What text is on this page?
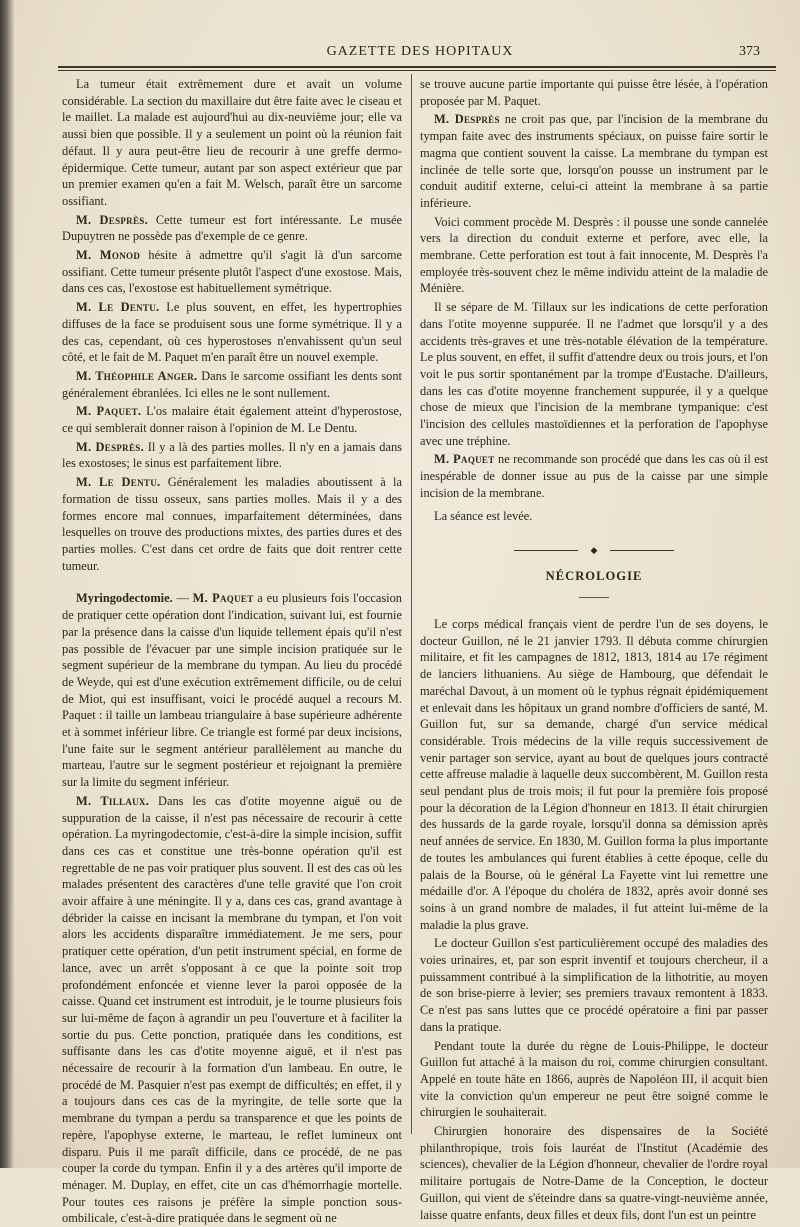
GAZETTE DES HOPITAUX	373

La tumeur était extrêmement dure et avait un volume considérable. La section du maxillaire dut être faite avec le ciseau et le maillet. La malade est aujourd'hui au dix-neuvième jour; elle va aussi bien que possible. Il y a seulement un point où la réunion fait défaut. Il y aura peut-être lieu de recourir à une greffe dermo-épidermique. Cette tumeur, autant par son aspect extérieur que par un premier examen qu'en a fait M. Welsch, paraît être un sarcome ossifiant.

M. Desprès. Cette tumeur est fort intéressante. Le musée Dupuytren ne possède pas d'exemple de ce genre.

M. Monod hésite à admettre qu'il s'agit là d'un sarcome ossifiant. Cette tumeur présente plutôt l'aspect d'une exostose. Mais, dans ces cas, l'exostose est habituellement symétrique.

M. Le Dentu. Le plus souvent, en effet, les hypertrophies diffuses de la face se produisent sous une forme symétrique. Il y a des cas, cependant, où ces hyperostoses n'envahissent qu'un seul côté, et le fait de M. Paquet m'en paraît être un nouvel exemple.

M. Théophile Anger. Dans le sarcome ossifiant les dents sont généralement ébranlées. Ici elles ne le sont nullement.

M. Paquet. L'os malaire était également atteint d'hyperostose, ce qui semblerait donner raison à l'opinion de M. Le Dentu.

M. Desprès. Il y a là des parties molles. Il n'y en a jamais dans les exostoses; le sinus est parfaitement libre.

M. Le Dentu. Généralement les maladies aboutissent à la formation de tissu osseux, sans parties molles. Mais il y a des formes encore mal connues, imparfaitement déterminées, dans lesquelles on trouve des productions mixtes, des parties dures et des parties molles. C'est dans cet ordre de faits que doit rentrer cette tumeur.

Myringodectomie. — M. Paquet a eu plusieurs fois l'occasion de pratiquer cette opération dont l'indication, suivant lui, est fournie par la présence dans la caisse d'un liquide tellement épais qu'il n'est pas possible de l'évacuer par une simple incision pratiquée sur le segment supérieur de la membrane du tympan. Au lieu du procédé de Weyde, qui est d'une exécution extrêmement difficile, ou de celui de Miot, qui est insuffisant, voici le procédé auquel a recours M. Paquet : il taille un lambeau triangulaire à base supérieure adhérente et à sommet inférieur libre. Ce triangle est formé par deux incisions, l'une faite sur le segment antérieur parallèlement au manche du marteau, l'autre sur le segment postérieur et rejoignant la première sur la limite du segment inférieur.

M. Tillaux. Dans les cas d'otite moyenne aiguë ou de suppuration de la caisse, il n'est pas nécessaire de recourir à cette opération. La myringodectomie, c'est-à-dire la simple incision, suffit dans ces cas et constitue une très-bonne opération qu'il est regrettable de ne pas voir pratiquer plus souvent. Il est des cas où les malades présentent des caractères d'une telle gravité que l'on croit avoir affaire à une méningite. Il y a, dans ces cas, grand avantage à débrider la caisse en incisant la membrane du tympan, et l'on voit alors les accidents disparaître immédiatement. Je me sers, pour pratiquer cette opération, d'un petit instrument spécial, en forme de lance, avec un arrêt s'opposant à ce que la pointe soit trop profondément enfoncée et vienne lever la paroi opposée de la caisse. Quand cet instrument est introduit, je le tourne plusieurs fois sur lui-même de façon à agrandir un peu l'ouverture et à faciliter la sortie du pus. Cette ponction, pratiquée dans les conditions, est suffisante dans les cas d'otite moyenne aiguë, et il n'est pas nécessaire de recourir à la formation d'un lambeau. En outre, le procédé de M. Pasquier n'est pas exempt de difficultés; en effet, il y a toujours dans ces cas de la myringite, de telle sorte que la membrane du tympan a perdu sa transparence et que les points de repère, l'apophyse externe, le marteau, le reflet lumineux ont disparu. Puis il me paraît difficile, dans ce procédé, de ne pas couper la corde du tympan. Enfin il y a des artères qu'il importe de ménager. M. Duplay, en effet, cite un cas d'hémorrhagie mortelle. Pour toutes ces raisons je préfère la simple ponction sous-ombilicale, c'est-à-dire pratiquée dans le segment où ne

se trouve aucune partie importante qui puisse être lésée, à l'opération proposée par M. Paquet.

M. Desprès ne croit pas que, par l'incision de la membrane du tympan faite avec des instruments spéciaux, on puisse faire sortir le magma que contient souvent la caisse. La membrane du tympan est inclinée de telle sorte que, lorsqu'on pousse un instrument par le conduit auditif externe, celui-ci atteint la membrane à sa partie inférieure.

Voici comment procède M. Desprès : il pousse une sonde cannelée vers la direction du conduit externe et perfore, avec elle, la membrane. Cette perforation est tout à fait innocente, M. Desprès l'a employée très-souvent chez le même individu atteint de la maladie de Ménière.

Il se sépare de M. Tillaux sur les indications de cette perforation dans l'otite moyenne suppurée. Il ne l'admet que lorsqu'il y a des accidents très-graves et une très-notable élévation de la température. Le plus souvent, en effet, il suffit d'attendre deux ou trois jours, et l'on voit le pus sortir spontanément par la trompe d'Eustache. D'ailleurs, dans les cas d'otite moyenne franchement suppurée, il y a quelque chose de mieux que l'incision de la membrane tympanique: c'est l'incision des cellules mastoïdiennes et la perforation de l'apophyse avec une tréphine.

M. Paquet ne recommande son procédé que dans les cas où il est inespérable de donner issue au pus de la caisse par une simple incision de la membrane.

La séance est levée.

◆
NÉCROLOGIE

Le corps médical français vient de perdre l'un de ses doyens, le docteur Guillon, né le 21 janvier 1793. Il débuta comme chirurgien militaire, et fit les campagnes de 1812, 1813, 1814 au 17e régiment de lanciers lithuaniens. Au siège de Hambourg, que défendait le maréchal Davout, à un moment où le typhus régnait épidémiquement et enlevait dans les hôpitaux un grand nombre d'officiers de santé, M. Guillon fut, sur sa demande, chargé d'un service médical considérable. Trois médecins de la ville requis successivement de venir partager son service, ayant au bout de quelques jours contracté cette affreuse maladie à laquelle deux succombèrent, M. Guillon resta seul pendant plus de trois mois; il fut pour la première fois proposé pour la décoration de la Légion d'honneur en 1813. Il était chirurgien des hussards de la garde royale, lorsqu'il donna sa démission après neuf années de service. En 1830, M. Guillon forma la plus importante de toutes les ambulances qui furent établies à cette époque, celle du palais de la Bourse, où le général La Fayette vint lui remettre une médaille d'or. A l'époque du choléra de 1832, après avoir donné ses soins à un grand nombre de malades, il fut atteint lui-même de la maladie la plus grave.

Le docteur Guillon s'est particulièrement occupé des maladies des voies urinaires, et, par son esprit inventif et toujours chercheur, il a puissamment contribué à la simplification de la lithotritie, au moyen de son brise-pierre à levier; ses premiers travaux remontent à 1833. Ce n'est pas sans luttes que ce procédé opératoire a fini par passer dans la pratique.

Pendant toute la durée du règne de Louis-Philippe, le docteur Guillon fut attaché à la maison du roi, comme chirurgien consultant. Appelé en toute hâte en 1866, auprès de Napoléon III, il acquit bien vite la conviction qu'un empereur ne peut être soigné comme le chirurgien le souhaiterait.

Chirurgien honoraire des dispensaires de la Société philanthropique, trois fois lauréat de l'Institut (Académie des sciences), chevalier de la Légion d'honneur, chevalier de l'ordre royal militaire portugais de Notre-Dame de la Conception, le docteur Guillon, qui vient de s'éteindre dans sa quatre-vingt-neuvième année, laisse quatre enfants, deux filles et deux fils, dont l'un est un peintre
